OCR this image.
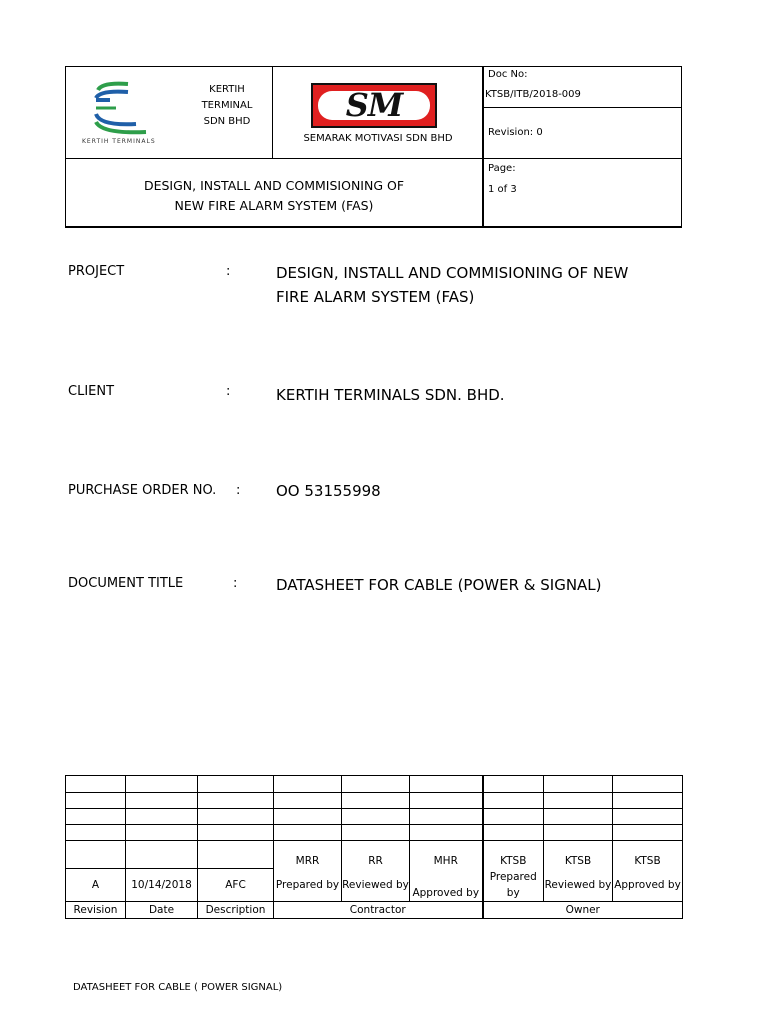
KERTIH TERMINALS
KERTIH
TERMINAL
SDN BHD	SM
SEMARAK MOTIVASI SDN BHD
Doc No:
KTSB/ITB/2018-009
Revision: 0
DESIGN, INSTALL AND COMMISIONING OF
NEW FIRE ALARM SYSTEM (FAS)
Page:
1 of 3
PROJECT	:	DESIGN, INSTALL AND COMMISIONING OF NEW
FIRE ALARM SYSTEM (FAS)
CLIENT	:	KERTIH TERMINALS SDN. BHD.
PURCHASE ORDER NO. : OO 53155998
DOCUMENT TITLE	:	DATASHEET FOR CABLE (POWER & SIGNAL)

			MRR	RR	MHR	KTSB	KTSB	KTSB
A	10/14/2018	AFC	Prepared by	Reviewed by	Approved by	Prepared by	Reviewed by	Approved by
Revision	Date	Description	Contractor			Owner		
DATASHEET FOR CABLE ( POWER SIGNAL)
